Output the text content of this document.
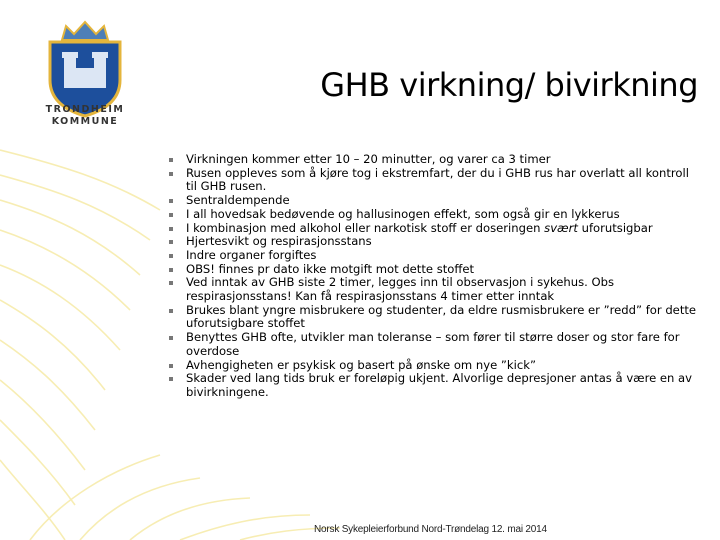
TRONDHEIM
KOMMUNE
GHB virkning/ bivirkning
Virkningen kommer etter 10 – 20 minutter, og varer ca 3 timer
Rusen oppleves som å kjøre tog i ekstremfart, der du i GHB rus har overlatt all kontroll til GHB rusen.
Sentraldempende
I all hovedsak bedøvende og hallusinogen effekt, som også gir en lykkerus
I kombinasjon med alkohol eller narkotisk stoff er doseringen svært uforutsigbar
Hjertesvikt og respirasjonsstans
Indre organer forgiftes
OBS! finnes pr dato ikke motgift mot dette stoffet
Ved inntak av GHB siste 2 timer, legges inn til observasjon i sykehus. Obs respirasjonsstans! Kan få respirasjonsstans 4 timer etter inntak
Brukes blant yngre misbrukere og studenter, da eldre rusmisbrukere er ”redd” for dette uforutsigbare stoffet
Benyttes GHB ofte, utvikler man toleranse – som fører til større doser og stor fare for overdose
Avhengigheten er psykisk og basert på ønske om nye ”kick”
Skader ved lang tids bruk er foreløpig ukjent. Alvorlige depresjoner antas å være en av bivirkningene.
Norsk Sykepleierforbund Nord-Trøndelag 12. mai 2014
